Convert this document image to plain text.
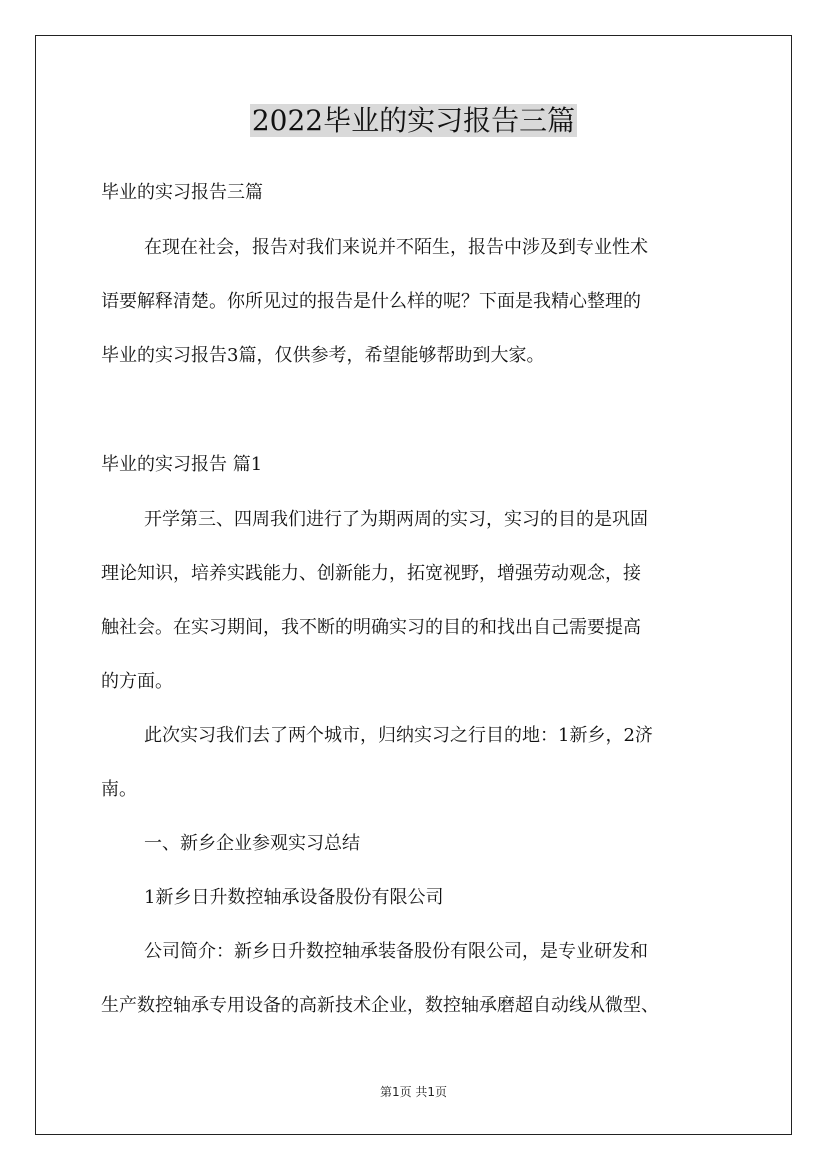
2022毕业的实习报告三篇
毕业的实习报告三篇
在现在社会，报告对我们来说并不陌生，报告中涉及到专业性术
语要解释清楚。你所见过的报告是什么样的呢？下面是我精心整理的
毕业的实习报告3篇，仅供参考，希望能够帮助到大家。
毕业的实习报告 篇1
开学第三、四周我们进行了为期两周的实习，实习的目的是巩固
理论知识，培养实践能力、创新能力，拓宽视野，增强劳动观念，接
触社会。在实习期间，我不断的明确实习的目的和找出自己需要提高
的方面。
此次实习我们去了两个城市，归纳实习之行目的地：1新乡，2济
南。
一、新乡企业参观实习总结
1新乡日升数控轴承设备股份有限公司
公司简介：新乡日升数控轴承装备股份有限公司，是专业研发和
生产数控轴承专用设备的高新技术企业，数控轴承磨超自动线从微型、
第1页 共1页
